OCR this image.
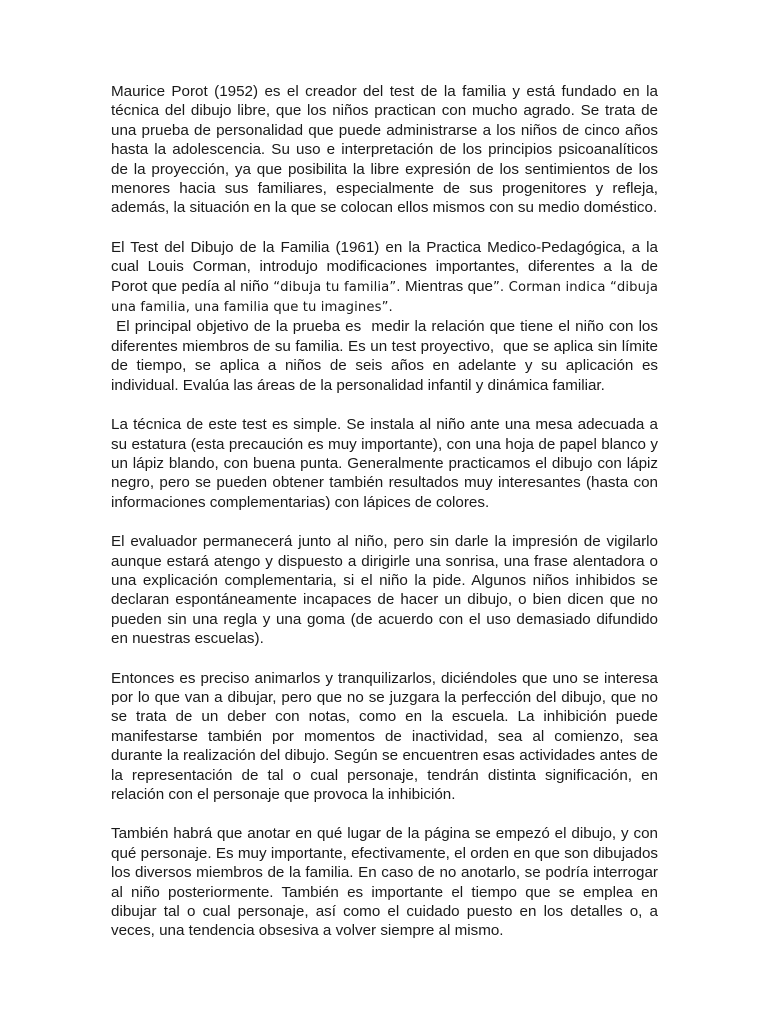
Maurice Porot (1952) es el creador del test de la familia y está fundado en la técnica del dibujo libre, que los niños practican con mucho agrado. Se trata de una prueba de personalidad que puede administrarse a los niños de cinco años hasta la adolescencia. Su uso e interpretación de los principios psicoanalíticos de la proyección, ya que posibilita la libre expresión de los sentimientos de los menores hacia sus familiares, especialmente de sus progenitores y refleja, además, la situación en la que se colocan ellos mismos con su medio doméstico.

El Test del Dibujo de la Familia (1961) en la Practica Medico-Pedagógica, a la cual Louis Corman, introdujo modificaciones importantes, diferentes a la de Porot que pedía al niño “dibuja tu familia”. Mientras que”. Corman indica “dibuja una familia, una familia que tu imagines”.

El principal objetivo de la prueba es  medir la relación que tiene el niño con los diferentes miembros de su familia. Es un test proyectivo,  que se aplica sin límite de tiempo, se aplica a niños de seis años en adelante y su aplicación es individual. Evalúa las áreas de la personalidad infantil y dinámica familiar.

La técnica de este test es simple. Se instala al niño ante una mesa adecuada a su estatura (esta precaución es muy importante), con una hoja de papel blanco y un lápiz blando, con buena punta. Generalmente practicamos el dibujo con lápiz negro, pero se pueden obtener también resultados muy interesantes (hasta con informaciones complementarias) con lápices de colores.

El evaluador permanecerá junto al niño, pero sin darle la impresión de vigilarlo aunque estará atengo y dispuesto a dirigirle una sonrisa, una frase alentadora o una explicación complementaria, si el niño la pide. Algunos niños inhibidos se declaran espontáneamente incapaces de hacer un dibujo, o bien dicen que no pueden sin una regla y una goma (de acuerdo con el uso demasiado difundido en nuestras escuelas).

Entonces es preciso animarlos y tranquilizarlos, diciéndoles que uno se interesa por lo que van a dibujar, pero que no se juzgara la perfección del dibujo, que no se trata de un deber con notas, como en la escuela. La inhibición puede manifestarse también por momentos de inactividad, sea al comienzo, sea durante la realización del dibujo. Según se encuentren esas actividades antes de la representación de tal o cual personaje, tendrán distinta significación, en relación con el personaje que provoca la inhibición.

También habrá que anotar en qué lugar de la página se empezó el dibujo, y con qué personaje. Es muy importante, efectivamente, el orden en que son dibujados los diversos miembros de la familia. En caso de no anotarlo, se podría interrogar al niño posteriormente. También es importante el tiempo que se emplea en dibujar tal o cual personaje, así como el cuidado puesto en los detalles o, a veces, una tendencia obsesiva a volver siempre al mismo.
